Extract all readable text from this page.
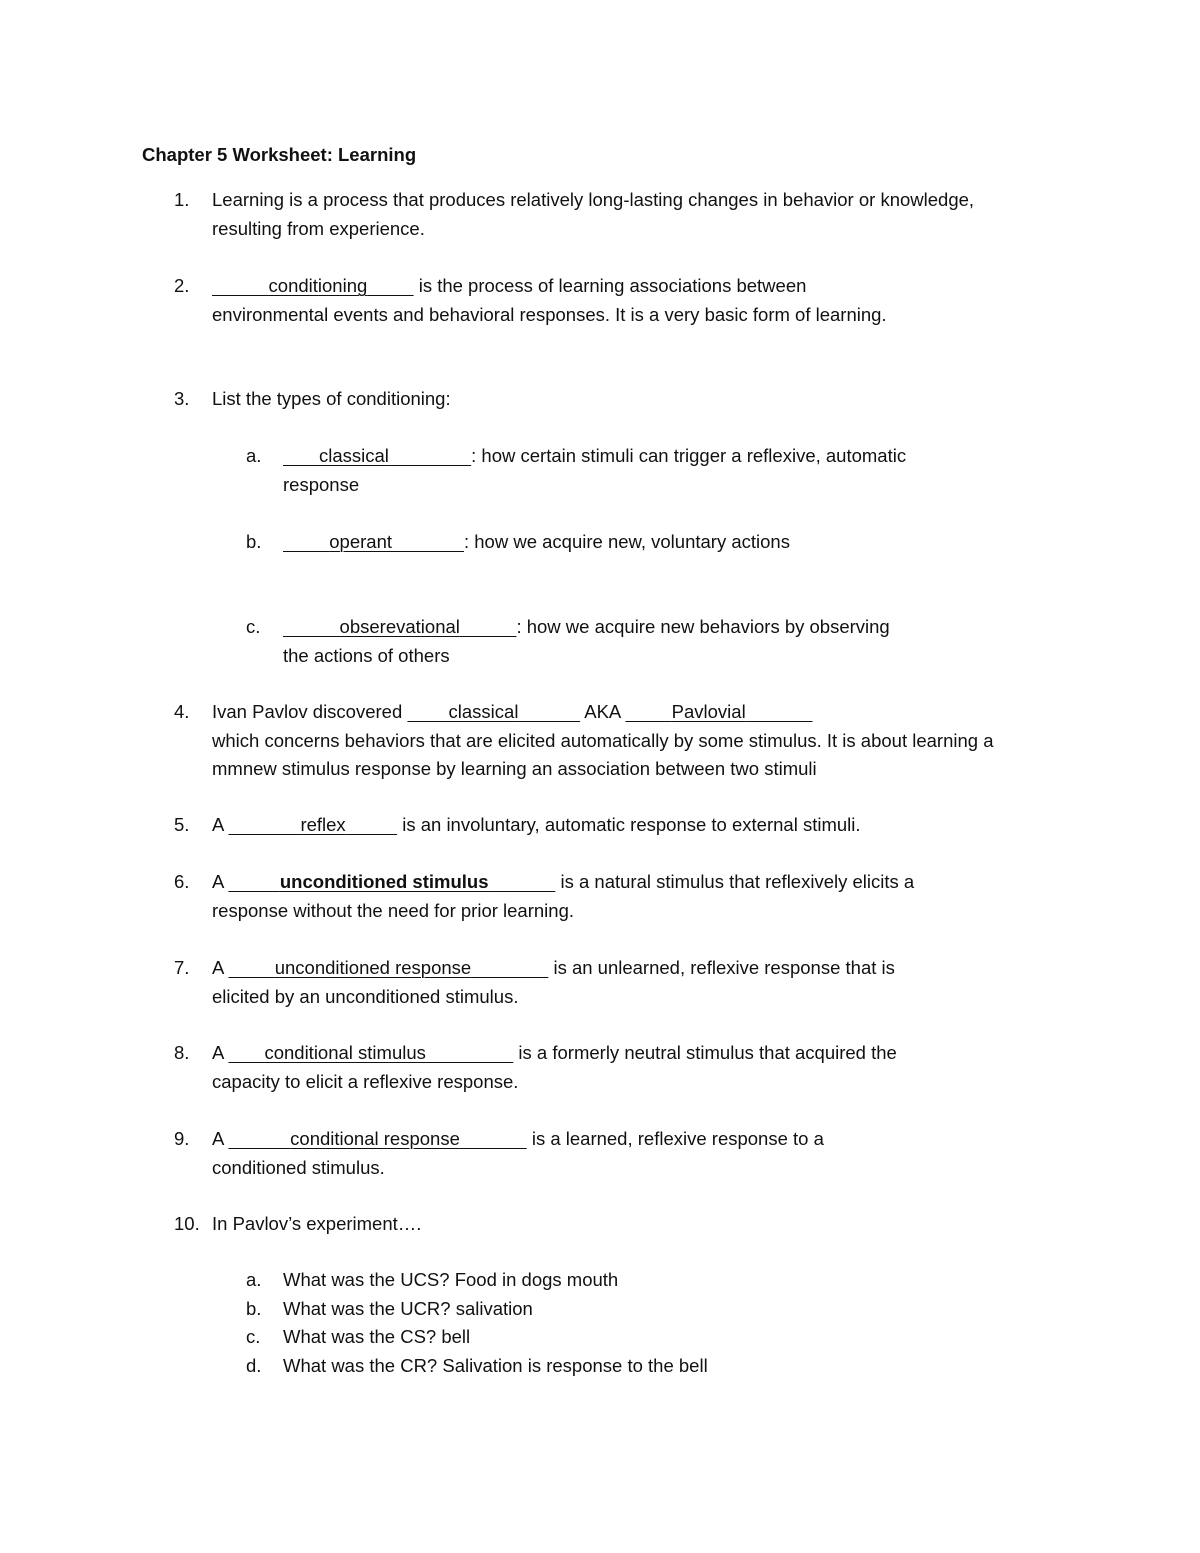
Chapter 5 Worksheet: Learning
1.	Learning is a process that produces relatively long-lasting changes in behavior or knowledge,
resulting from experience.
2.	conditioning	is the process of learning associations between
environmental events and behavioral responses. It is a very basic form of learning.
3.	List the types of conditioning:
a.	classical	: how certain stimuli can trigger a reflexive, automatic
response
b.	operant	: how we acquire new, voluntary actions
c.	obserevational	: how we acquire new behaviors by observing
the actions of others
4.	Ivan Pavlov discovered         classical	AKA	Pavlovial
which concerns behaviors that are elicited automatically by some stimulus. It is about learning a
mmnew stimulus response by learning an association between two stimuli
5.	A	reflex	is an involuntary, automatic response to external stimuli.
6.	A	unconditioned stimulus	is a natural stimulus that reflexively elicits a
response without the need for prior learning.
7.	A	unconditioned response	is an unlearned, reflexive response that is
elicited by an unconditioned stimulus.
8.	A        conditional stimulus	is a formerly neutral stimulus that acquired the
capacity to elicit a reflexive response.
9.	A	conditional response	is a learned, reflexive response to a
conditioned stimulus.
10. In Pavlov’s experiment….
a.	What was the UCS? Food in dogs mouth
b.	What was the UCR? salivation
c.	What was the CS? bell
d.	What was the CR? Salivation is response to the bell
